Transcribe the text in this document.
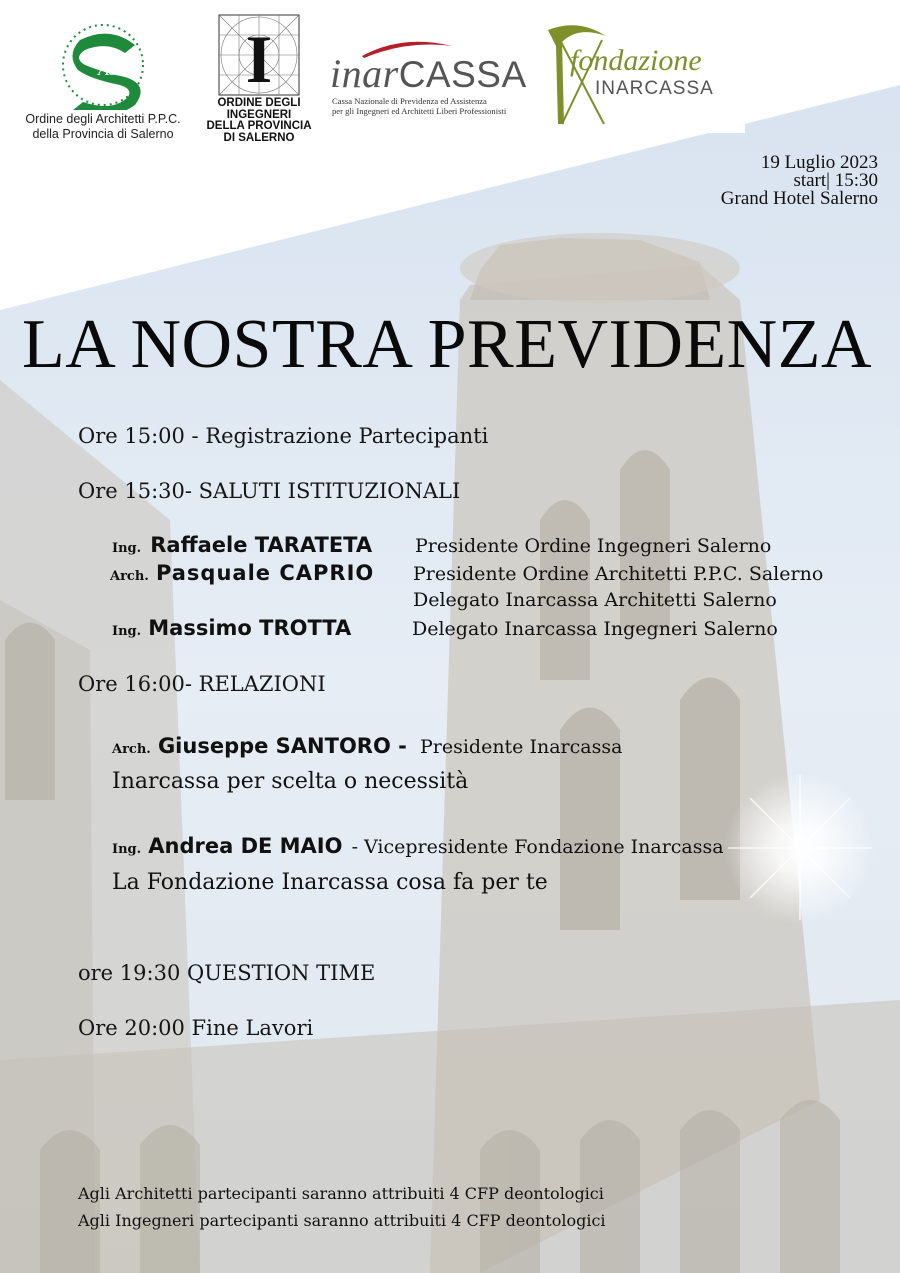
AS
Ordine degli Architetti P.P.C.
della Provincia di Salerno
I
ORDINE DEGLI
INGEGNERI
DELLA PROVINCIA
DI SALERNO
inarCASSA
Cassa Nazionale di Previdenza ed Assistenza
per gli Ingegneri ed Architetti Liberi Professionisti
fondazione
INARCASSA
19 Luglio 2023
start| 15:30
Grand Hotel Salerno
LA NOSTRA PREVIDENZA
Ore 15:00 - Registrazione Partecipanti
Ore 15:30- SALUTI ISTITUZIONALI
Ing. Raffaele TARATETA Presidente Ordine Ingegneri Salerno
Arch. Pasquale CAPRIO Presidente Ordine Architetti P.P.C. Salerno
Delegato Inarcassa Architetti Salerno
Ing. Massimo TROTTA	Delegato Inarcassa Ingegneri Salerno
Ore 16:00- RELAZIONI
Arch. Giuseppe SANTORO - Presidente Inarcassa
Inarcassa per scelta o necessità
Ing. Andrea DE MAIO - Vicepresidente Fondazione Inarcassa
La Fondazione Inarcassa cosa fa per te
ore 19:30 QUESTION TIME
Ore 20:00 Fine Lavori
Agli Architetti partecipanti saranno attribuiti 4 CFP deontologici
Agli Ingegneri partecipanti saranno attribuiti 4 CFP deontologici
